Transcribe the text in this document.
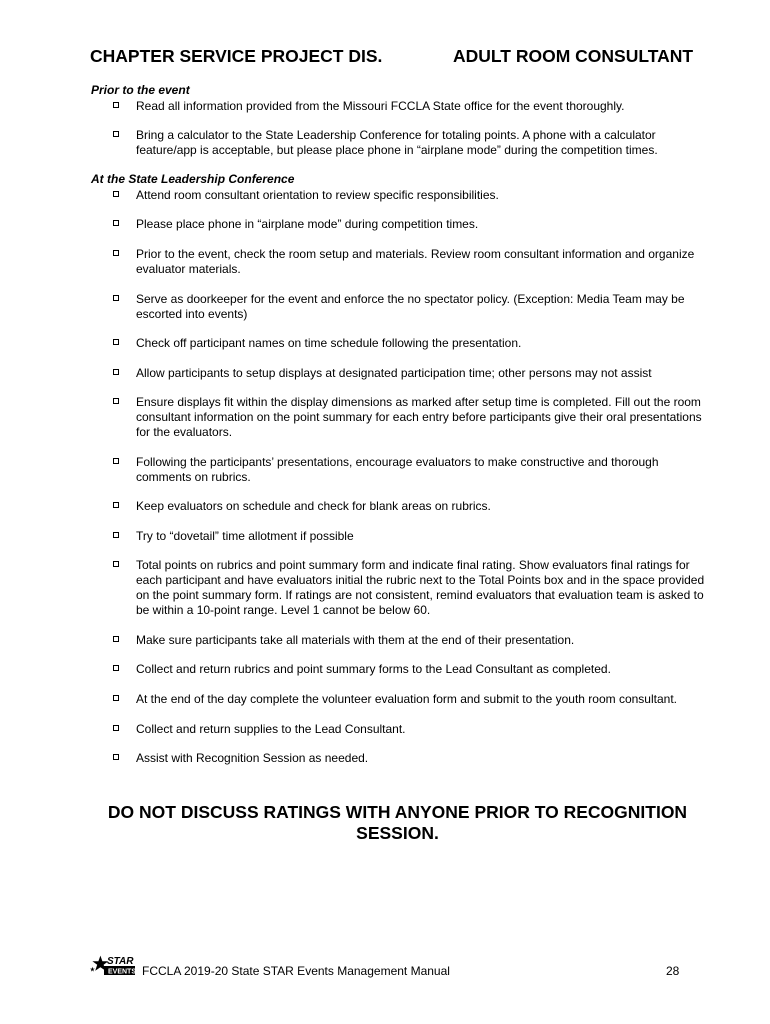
CHAPTER SERVICE PROJECT DIS.	ADULT ROOM CONSULTANT
Prior to the event
Read all information provided from the Missouri FCCLA State office for the event thoroughly.
Bring a calculator to the State Leadership Conference for totaling points. A phone with a calculator feature/app is acceptable, but please place phone in “airplane mode” during the competition times.
At the State Leadership Conference
Attend room consultant orientation to review specific responsibilities.
Please place phone in “airplane mode” during competition times.
Prior to the event, check the room setup and materials. Review room consultant information and organize evaluator materials.
Serve as doorkeeper for the event and enforce the no spectator policy. (Exception: Media Team may be escorted into events)
Check off participant names on time schedule following the presentation.
Allow participants to setup displays at designated participation time; other persons may not assist
Ensure displays fit within the display dimensions as marked after setup time is completed. Fill out the room consultant information on the point summary for each entry before participants give their oral presentations for the evaluators.
Following the participants’ presentations, encourage evaluators to make constructive and thorough comments on rubrics.
Keep evaluators on schedule and check for blank areas on rubrics.
Try to “dovetail” time allotment if possible
Total points on rubrics and point summary form and indicate final rating. Show evaluators final ratings for each participant and have evaluators initial the rubric next to the Total Points box and in the space provided on the point summary form. If ratings are not consistent, remind evaluators that evaluation team is asked to be within a 10-point range. Level 1 cannot be below 60.
Make sure participants take all materials with them at the end of their presentation.
Collect and return rubrics and point summary forms to the Lead Consultant as completed.
At the end of the day complete the volunteer evaluation form and submit to the youth room consultant.
Collect and return supplies to the Lead Consultant.
Assist with Recognition Session as needed.
DO NOT DISCUSS RATINGS WITH ANYONE PRIOR TO RECOGNITION SESSION.
STAR
EVENTS FCCLA 2019-20 State STAR Events Management Manual	28
